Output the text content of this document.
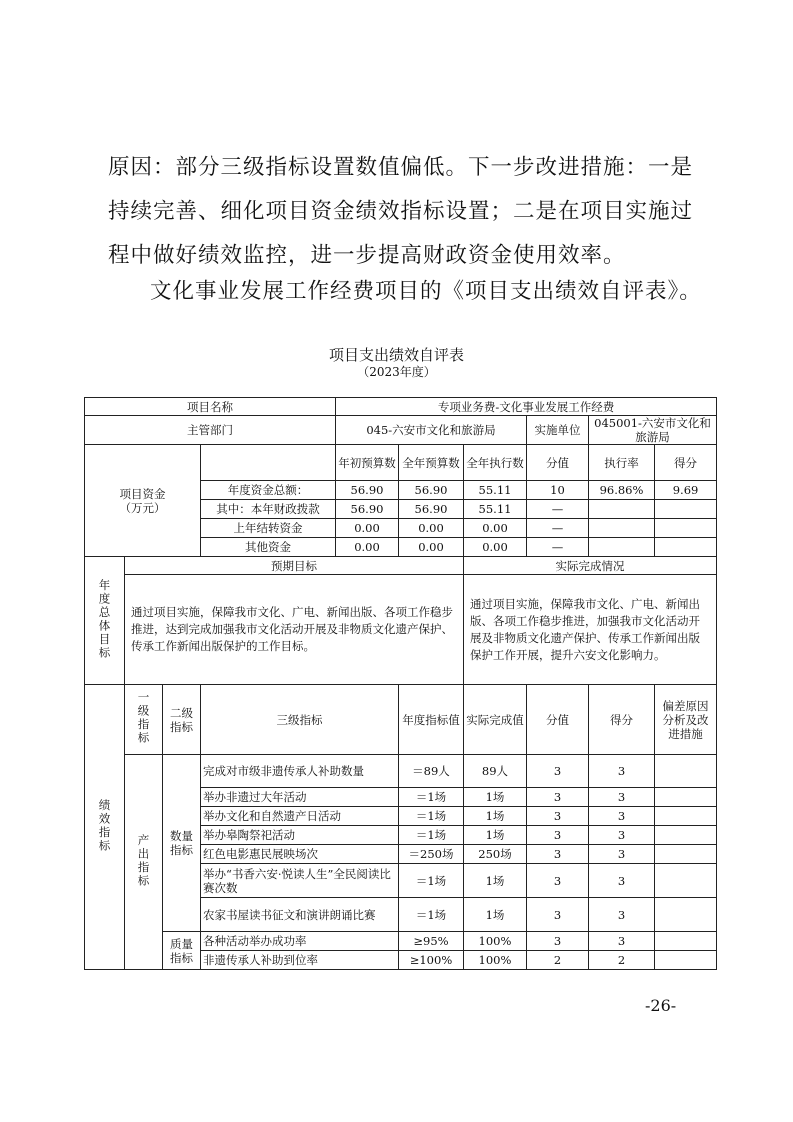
原因：部分三级指标设置数值偏低。下一步改进措施：一是持续完善、细化项目资金绩效指标设置；二是在项目实施过程中做好绩效监控，进一步提高财政资金使用效率。

文化事业发展工作经费项目的《项目支出绩效自评表》。

项目支出绩效自评表
（2023年度）
项目名称				专项业务费-文化事业发展工作经费					
主管部门				045-六安市文化和旅游局			实施单位	045001-六安市文化和旅游局	

项目资金
（万元）				年初预算数	全年预算数	全年执行数	分值	执行率	得分
			年度资金总额：	56.90	56.90	55.11	10	96.86%	9.69
			其中：本年财政拨款	56.90	56.90	55.11	—		
			上年结转资金	0.00	0.00	0.00	—		
			其他资金	0.00	0.00	0.00	—		
年度总体目标	预期目标					实际完成情况			
	通过项目实施，保障我市文化、广电、新闻出版、各项工作稳步推进，达到完成加强我市文化活动开展及非物质文化遗产保护、传承工作新闻出版保护的工作目标。					通过项目实施，保障我市文化、广电、新闻出版、各项工作稳步推进，加强我市文化活动开展及非物质文化遗产保护、传承工作新闻出版保护工作开展，提升六安文化影响力。			
绩效指标	一级指标	二级指标	三级指标		年度指标值	实际完成值	分值	得分	偏差原因分析及改进措施
	产出指标	数量指标	完成对市级非遗传承人补助数量		＝89人	89人	3	3	
			举办非遗过大年活动		＝1场	1场	3	3	
			举办文化和自然遗产日活动		＝1场	1场	3	3	
			举办皋陶祭祀活动		＝1场	1场	3	3	
			红色电影惠民展映场次		＝250场	250场	3	3	
			举办“书香六安·悦读人生”全民阅读比赛次数		＝1场	1场	3	3	
			农家书屋读书征文和演讲朗诵比赛		＝1场	1场	3	3	
		质量指标	各种活动举办成功率		≥95%	100%	3	3	
			非遗传承人补助到位率		≥100%	100%	2	2	
-26-
